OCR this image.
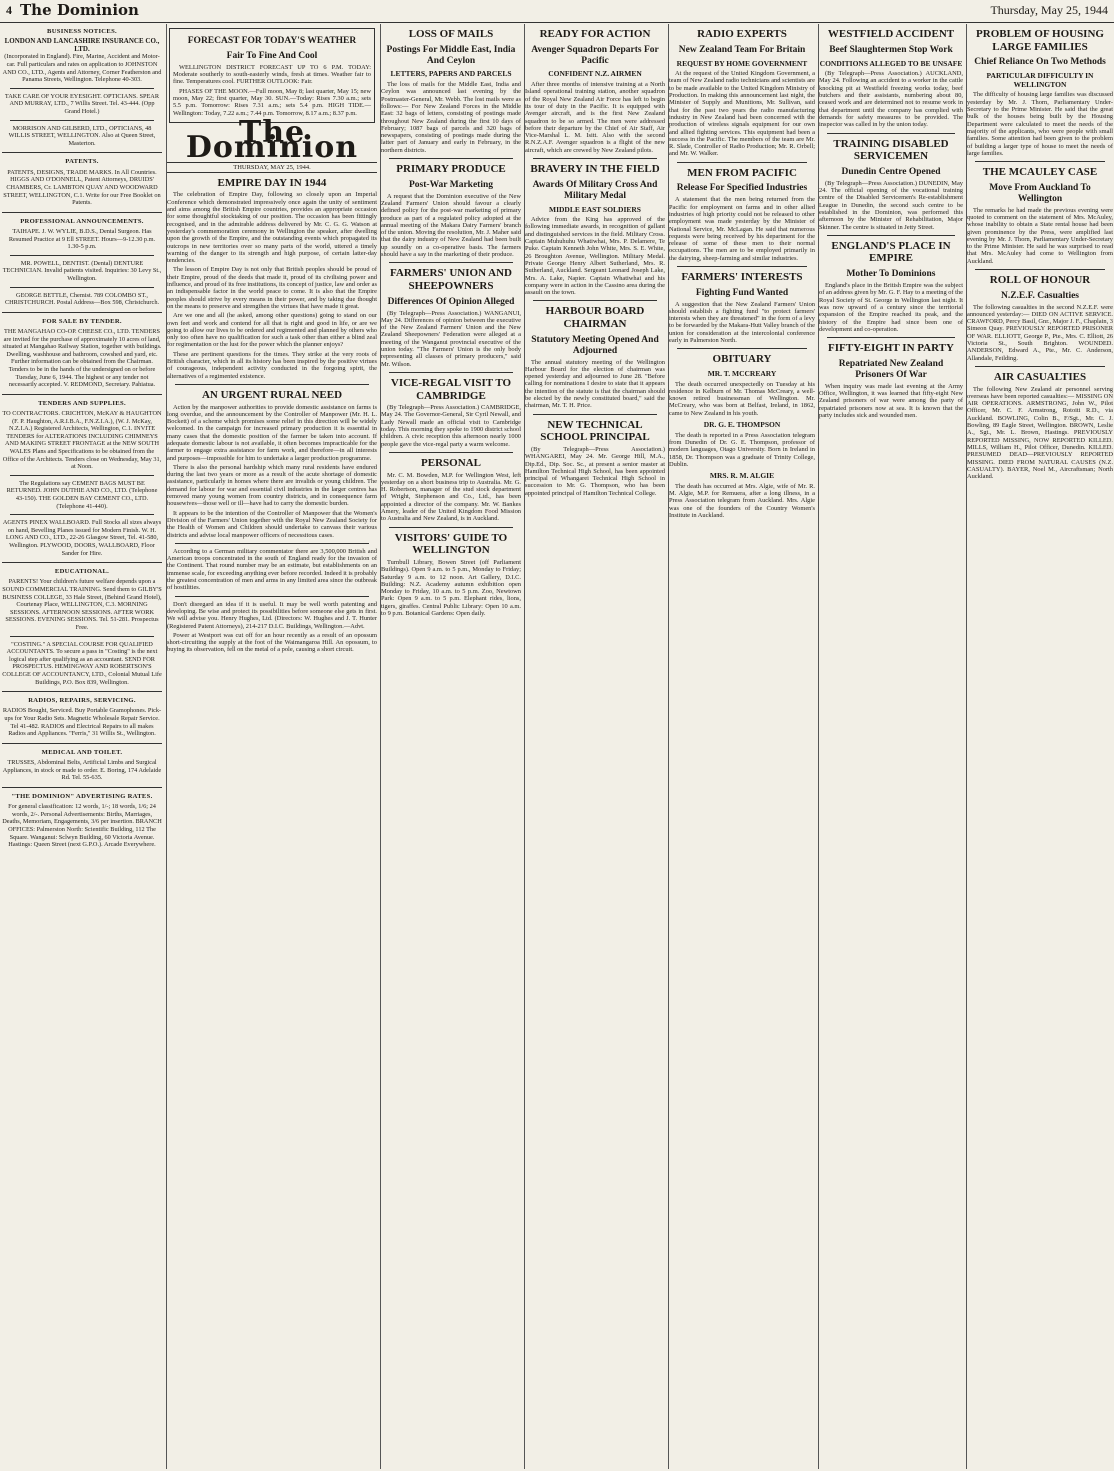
4 The Dominion	Thursday, May 25, 1944
BUSINESS NOTICES.
LONDON AND LANCASHIRE INSURANCE CO., LTD.
(Incorporated in England). Fire, Marine, Accident and Motor-car. Full particulars and rates on application to JOHNSTON AND CO., LTD., Agents and Attorney, Corner Featherston and Panama Streets, Wellington. Telephone 40-303.
TAKE CARE OF YOUR EYESIGHT. OPTICIANS. SPEAR AND MURRAY, LTD., 7 Willis Street. Tel. 43-444. (Opp Grand Hotel.)
MORRISON AND GILBERD, LTD., OPTICIANS, 48 WILLIS STREET, WELLINGTON. Also at Queen Street, Masterton.
PATENTS.
PATENTS, DESIGNS, TRADE MARKS. In All Countries. HIGGS AND O'DONNELL, Patent Attorneys, DRUIDS' CHAMBERS, Cr. LAMBTON QUAY AND WOODWARD STREET, WELLINGTON, C.1. Write for our Free Booklet on Patents.
PROFESSIONAL ANNOUNCEMENTS.
TAIHAPE. J. W. WYLIE, B.D.S., Dental Surgeon. Has Resumed Practice at 9 Ell STREET. Hours—9-12.30 p.m. 1.30-5 p.m.
MR. POWELL, DENTIST. (Dental) DENTURE TECHNICIAN. Invalid patients visited. Inquiries: 30 Levy St., Wellington.
GEORGE BETTLE, Chemist. 789 COLOMBO ST., CHRISTCHURCH. Postal Address—Box 598, Christchurch.
FOR SALE BY TENDER.
THE MANGAHAO CO-OP. CHEESE CO., LTD. TENDERS are invited for the purchase of approximately 10 acres of land, situated at Mangahao Railway Station, together with buildings. Dwelling, washhouse and bathroom, cowshed and yard, etc. Further information can be obtained from the Chairman. Tenders to be in the hands of the undersigned on or before Tuesday, June 6, 1944. The highest or any tender not necessarily accepted. V. REDMOND, Secretary. Pahiatua.
TENDERS AND SUPPLIES.
TO CONTRACTORS. CRICHTON, McKAY & HAUGHTON (F. P. Haughton, A.R.I.B.A., F.N.Z.I.A.), (W. J. McKay, N.Z.I.A.) Registered Architects, Wellington, C.1. INVITE TENDERS for ALTERATIONS INCLUDING CHIMNEYS AND MAKING STREET FRONTAGE at the NEW SOUTH WALES Plans and Specifications to be obtained from the Office of the Architects. Tenders close on Wednesday, May 31, at Noon.
The Regulations say CEMENT BAGS MUST BE RETURNED. JOHN DUTHIE AND CO., LTD. (Telephone 43-150). THE GOLDEN BAY CEMENT CO., LTD. (Telephone 41-440).
AGENTS PINEX WALLBOARD. Full Stocks all sizes always on hand, Bevelling Planes issued for Modern Finish. W. H. LONG AND CO., LTD., 22-26 Glasgow Street, Tel. 41-580, Wellington. PLYWOOD, DOORS, WALLBOARD, Floor Sander for Hire.
EDUCATIONAL.
PARENTS! Your children's future welfare depends upon a SOUND COMMERCIAL TRAINING. Send them to GILBY'S BUSINESS COLLEGE, 33 Hale Street, (Behind Grand Hotel), Courtenay Place, WELLINGTON, C.3. MORNING SESSIONS. AFTERNOON SESSIONS. AFTER WORK SESSIONS. EVENING SESSIONS. Tel. 51-281. Prospectus Free.
"COSTING." A SPECIAL COURSE FOR QUALIFIED ACCOUNTANTS. To secure a pass in "Costing" is the next logical step after qualifying as an accountant. SEND FOR PROSPECTUS. HEMINGWAY AND ROBERTSON'S COLLEGE OF ACCOUNTANCY, LTD., Colonial Mutual Life Buildings, P.O. Box 839, Wellington.
RADIOS, REPAIRS, SERVICING.
RADIOS Bought, Serviced. Buy Portable Gramophones. Pick-ups for Your Radio Sets. Magnetic Wholesale Repair Service. Tel 41-482. RADIOS and Electrical Repairs to all makes Radios and Appliances. "Ferris," 31 Willis St., Wellington.
MEDICAL AND TOILET.
TRUSSES, Abdominal Belts, Artificial Limbs and Surgical Appliances, in stock or made to order. E. Boring, 174 Adelaide Rd. Tel. 55-635.
"THE DOMINION" ADVERTISING RATES.
For general classification: 12 words, 1/-; 18 words, 1/6; 24 words, 2/-. Personal Advertisements: Births, Marriages, Deaths, Memoriam, Engagements, 3/6 per insertion. BRANCH OFFICES: Palmerston North: Scientific Building, 112 The Square. Wanganui: Sclwyn Building, 60 Victoria Avenue. Hastings: Queen Street (next G.P.O.). Arcade Everywhere.
FORECAST FOR TODAY'S WEATHER
Fair To Fine And Cool
WELLINGTON DISTRICT FORECAST UP TO 6 P.M. TODAY: Moderate southerly to south-easterly winds, fresh at times. Weather fair to fine. Temperatures cool. FURTHER OUTLOOK: Fair.
PHASES OF THE MOON.—Full moon, May 8; last quarter, May 15; new moon, May 22; first quarter, May 30. SUN.—Today: Rises 7.30 a.m.; sets 5.5 p.m. Tomorrow: Rises 7.31 a.m.; sets 5.4 p.m. HIGH TIDE.—Wellington: Today, 7.22 a.m.; 7.44 p.m. Tomorrow, 8.17 a.m.; 8.37 p.m.
The Dominion
THURSDAY, MAY 25, 1944.
EMPIRE DAY IN 1944
The celebration of Empire Day, following so closely upon an Imperial Conference which demonstrated impressively once again the unity of sentiment and aims among the British Empire countries, provides an appropriate occasion for some thoughtful stocktaking of our position. The occasion has been fittingly recognised, and in the admirable address delivered by Mr. C. G. G. Watson at yesterday's commemoration ceremony in Wellington the speaker, after dwelling upon the growth of the Empire, and the outstanding events which propagated its outcrops in new territories over so many parts of the world, uttered a timely warning of the danger to its strength and high purpose, of certain latter-day tendencies.
The lesson of Empire Day is not only that British peoples should be proud of their Empire, proud of the deeds that made it, proud of its civilising power and influence, and proud of its free institutions, its concept of justice, law and order as an indispensable factor in the world peace to come. It is also that the Empire peoples should strive by every means in their power, and by taking due thought on the means to preserve and strengthen the virtues that have made it great.
Are we one and all (he asked, among other questions) going to stand on our own feet and work and contend for all that is right and good in life, or are we going to allow our lives to be ordered and regimented and planned by others who only too often have no qualification for such a task other than either a blind zeal for regimentation or the lust for the power which the planner enjoys?
These are pertinent questions for the times. They strike at the very roots of British character, which in all its history has been inspired by the positive virtues of courageous, independent activity conducted in the forgoing spirit, the alternatives of a regimented existence.
AN URGENT RURAL NEED
Action by the manpower authorities to provide domestic assistance on farms is long overdue, and the announcement by the Controller of Manpower (Mr. H. L. Bockett) of a scheme which promises some relief in this direction will be widely welcomed. In the campaign for increased primary production it is essential in many cases that the domestic position of the farmer be taken into account. If adequate domestic labour is not available, it often becomes impracticable for the farmer to engage extra assistance for farm work, and therefore—in all interests and purposes—impossible for him to undertake a larger production programme.
There is also the personal hardship which many rural residents have endured during the last two years or more as a result of the acute shortage of domestic assistance, particularly in homes where there are invalids or young children. The demand for labour for war and essential civil industries in the larger centres has removed many young women from country districts, and in consequence farm housewives—those well or ill—have had to carry the domestic burden.
It appears to be the intention of the Controller of Manpower that the Women's Division of the Farmers' Union together with the Royal New Zealand Society for the Health of Women and Children should undertake to canvass their various districts and advise local manpower officers of necessitous cases.
According to a German military commentator there are 3,500,000 British and American troops concentrated in the south of England ready for the invasion of the Continent. That round number may be an estimate, but establishments on an immense scale, for exceeding anything ever before recorded. Indeed it is probably the greatest concentration of men and arms in any limited area since the outbreak of hostilities.
Don't disregard an idea if it is useful. It may be well worth patenting and developing. Be wise and protect its possibilities before someone else gets in first. We will advise you. Henry Hughes, Ltd. (Directors: W. Hughes and J. T. Hunter (Registered Patent Attorneys), 214-217 D.I.C. Buildings, Wellington.—Advt.
Power at Westport was cut off for an hour recently as a result of an opossum short-circuiting the supply at the foot of the Waimangaroa Hill. An opossum, to buying its observation, fell on the metal of a pole, causing a short circuit.
LOSS OF MAILS
Postings For Middle East, India And Ceylon
LETTERS, PAPERS AND PARCELS
The loss of mails for the Middle East, India and Ceylon was announced last evening by the Postmaster-General, Mr. Webb. The lost mails were as follows:— For New Zealand Forces in the Middle East: 32 bags of letters, consisting of postings made throughout New Zealand during the first 10 days of February; 1087 bags of parcels and 320 bags of newspapers, consisting of postings made during the latter part of January and early in February, in the northern districts.
PRIMARY PRODUCE
Post-War Marketing
A request that the Dominion executive of the New Zealand Farmers' Union should favour a clearly defined policy for the post-war marketing of primary produce as part of a regulated policy adopted at the annual meeting of the Makara Dairy Farmers' branch of the union. Moving the resolution, Mr. J. Maher said that the dairy industry of New Zealand had been built up soundly on a co-operative basis. The farmers should have a say in the marketing of their produce.
FARMERS' UNION AND SHEEPOWNERS
Differences Of Opinion Alleged
(By Telegraph—Press Association.) WANGANUI, May 24. Differences of opinion between the executive of the New Zealand Farmers' Union and the New Zealand Sheepowners' Federation were alleged at a meeting of the Wanganui provincial executive of the union today. "The Farmers' Union is the only body representing all classes of primary producers," said Mr. Wilson.
VICE-REGAL VISIT TO CAMBRIDGE
(By Telegraph—Press Association.) CAMBRIDGE, May 24. The Governor-General, Sir Cyril Newall, and Lady Newall made an official visit to Cambridge today. This morning they spoke to 1900 district school children. A civic reception this afternoon nearly 1000 people gave the vice-regal party a warm welcome.
PERSONAL
Mr. C. M. Bowden, M.P. for Wellington West, left yesterday on a short business trip to Australia. Mr. G. H. Robertson, manager of the stud stock department of Wright, Stephenson and Co., Ltd., has been appointed a director of the company. Mr. W. Bankes Amery, leader of the United Kingdom Food Mission to Australia and New Zealand, is in Auckland.
VISITORS' GUIDE TO WELLINGTON
Turnbull Library, Bowen Street (off Parliament Buildings). Open 9 a.m. to 5 p.m., Monday to Friday; Saturday 9 a.m. to 12 noon. Art Gallery, D.I.C. Building: N.Z. Academy autumn exhibition open Monday to Friday, 10 a.m. to 5 p.m. Zoo, Newtown Park: Open 9 a.m. to 5 p.m. Elephant rides, lions, tigers, giraffes. Central Public Library: Open 10 a.m. to 9 p.m. Botanical Gardens: Open daily.
READY FOR ACTION
Avenger Squadron Departs For Pacific
CONFIDENT N.Z. AIRMEN
After three months of intensive training at a North Island operational training station, another squadron of the Royal New Zealand Air Force has left to begin its tour of duty in the Pacific. It is equipped with Avenger aircraft, and is the first New Zealand squadron to be so armed. The men were addressed before their departure by the Chief of Air Staff, Air Vice-Marshal L. M. Isitt. Also with the second R.N.Z.A.F. Avenger squadron is a flight of the new aircraft, which are crewed by New Zealand pilots.
BRAVERY IN THE FIELD
Awards Of Military Cross And Military Medal
MIDDLE EAST SOLDIERS
Advice from the King has approved of the following immediate awards, in recognition of gallant and distinguished services in the field. Military Cross. Captain Muhuhuhu Whatiwhai, Mrs. P. Delamere, Te Puke. Captain Kenneth John White, Mrs. S. E. White, 26 Broughton Avenue, Wellington. Military Medal. Private George Henry Albert Sutherland, Mrs. R. Sutherland, Auckland. Sergeant Leonard Joseph Lake, Mrs. A. Lake, Napier. Captain Whatiwhai and his company were in action in the Cassino area during the assault on the town.
HARBOUR BOARD CHAIRMAN
Statutory Meeting Opened And Adjourned
The annual statutory meeting of the Wellington Harbour Board for the election of chairman was opened yesterday and adjourned to June 28. "Before calling for nominations I desire to state that it appears the intention of the statute is that the chairman should be elected by the newly constituted board," said the chairman, Mr. T. H. Price.
NEW TECHNICAL SCHOOL PRINCIPAL
(By Telegraph—Press Association.) WHANGAREI, May 24. Mr. George Hill, M.A., Dip.Ed., Dip. Soc. Sc., at present a senior master at Hamilton Technical High School, has been appointed principal of Whangarei Technical High School in succession to Mr. G. Thompson, who has been appointed principal of Hamilton Technical College.
RADIO EXPERTS
New Zealand Team For Britain
REQUEST BY HOME GOVERNMENT
At the request of the United Kingdom Government, a team of New Zealand radio technicians and scientists are to be made available to the United Kingdom Ministry of Production. In making this announcement last night, the Minister of Supply and Munitions, Mr. Sullivan, said that for the past two years the radio manufacturing industry in New Zealand had been concerned with the production of wireless signals equipment for our own and allied fighting services. This equipment had been a success in the Pacific. The members of the team are Mr. R. Slade, Controller of Radio Production; Mr. R. Orbell; and Mr. W. Walker.
MEN FROM PACIFIC
Release For Specified Industries
A statement that the men being returned from the Pacific for employment on farms and in other allied industries of high priority could not be released to other employment was made yesterday by the Minister of National Service, Mr. McLagan. He said that numerous requests were being received by his department for the release of some of these men to their normal occupations. The men are to be employed primarily in the dairying, sheep-farming and similar industries.
FARMERS' INTERESTS
Fighting Fund Wanted
A suggestion that the New Zealand Farmers' Union should establish a fighting fund "to protect farmers' interests when they are threatened" in the form of a levy to be forwarded by the Makara-Hutt Valley branch of the union for consideration at the intercolonial conference early in Palmerston North.
OBITUARY
MR. T. MCCREARY
The death occurred unexpectedly on Tuesday at his residence in Kelburn of Mr. Thomas McCreary, a well-known retired businessman of Wellington. Mr. McCreary, who was born at Belfast, Ireland, in 1862, came to New Zealand in his youth.
DR. G. E. THOMPSON
The death is reported in a Press Association telegram from Dunedin of Dr. G. E. Thompson, professor of modern languages, Otago University. Born in Ireland in 1858, Dr. Thompson was a graduate of Trinity College, Dublin.
MRS. R. M. ALGIE
The death has occurred at Mrs. Algie, wife of Mr. R. M. Algie, M.P. for Remuera, after a long illness, in a Press Association telegram from Auckland. Mrs. Algie was one of the founders of the Country Women's Institute in Auckland.
WESTFIELD ACCIDENT
Beef Slaughtermen Stop Work
CONDITIONS ALLEGED TO BE UNSAFE
(By Telegraph—Press Association.) AUCKLAND, May 24. Following an accident to a worker in the cattle knocking pit at Westfield freezing works today, beef butchers and their assistants, numbering about 80, ceased work and are determined not to resume work in that department until the company has complied with demands for safety measures to be provided. The inspector was called in by the union today.
TRAINING DISABLED SERVICEMEN
Dunedin Centre Opened
(By Telegraph—Press Association.) DUNEDIN, May 24. The official opening of the vocational training centre of the Disabled Servicemen's Re-establishment League in Dunedin, the second such centre to be established in the Dominion, was performed this afternoon by the Minister of Rehabilitation, Major Skinner. The centre is situated in Jetty Street.
ENGLAND'S PLACE IN EMPIRE
Mother To Dominions
England's place in the British Empire was the subject of an address given by Mr. G. F. Hay to a meeting of the Royal Society of St. George in Wellington last night. It was now upward of a century since the territorial expansion of the Empire reached its peak, and the history of the Empire had since been one of development and co-operation.
FIFTY-EIGHT IN PARTY
Repatriated New Zealand Prisoners Of War
When inquiry was made last evening at the Army Office, Wellington, it was learned that fifty-eight New Zealand prisoners of war were among the party of repatriated prisoners now at sea. It is known that the party includes sick and wounded men.
PROBLEM OF HOUSING LARGE FAMILIES
Chief Reliance On Two Methods
PARTICULAR DIFFICULTY IN WELLINGTON
The difficulty of housing large families was discussed yesterday by Mr. J. Thorn, Parliamentary Under-Secretary to the Prime Minister. He said that the great bulk of the houses being built by the Housing Department were calculated to meet the needs of the majority of the applicants, who were people with small families. Some attention had been given to the problem of building a larger type of house to meet the needs of large families.
THE MCAULEY CASE
Move From Auckland To Wellington
The remarks he had made the previous evening were quoted to comment on the statement of Mrs. McAuley, whose inability to obtain a State rental house had been given prominence by the Press, were amplified last evening by Mr. J. Thorn, Parliamentary Under-Secretary to the Prime Minister. He said he was surprised to read that Mrs. McAuley had come to Wellington from Auckland.
ROLL OF HONOUR
N.Z.E.F. Casualties
The following casualties in the second N.Z.E.F. were announced yesterday:— DIED ON ACTIVE SERVICE. CRAWFORD, Percy Basil, Gnr., Major J. F., Chaplain, 3 Simeon Quay. PREVIOUSLY REPORTED PRISONER OF WAR. ELLIOTT, George P., Pte., Mrs. C. Elliott, 26 Victoria St., South Brighton. WOUNDED. ANDERSON, Edward A., Pte., Mr. C. Anderson, Allandale, Feilding.
AIR CASUALTIES
The following New Zealand air personnel serving overseas have been reported casualties:— MISSING ON AIR OPERATIONS. ARMSTRONG, John W., Pilot Officer, Mr. C. F. Armstrong, Rotoiti R.D., via Auckland. BOWLING, Colin B., F/Sgt., Mr. C. J. Bowling, 89 Eagle Street, Wellington. BROWN, Leslie A., Sgt., Mr. L. Brown, Hastings. PREVIOUSLY REPORTED MISSING, NOW REPORTED KILLED. MILLS, William H., Pilot Officer, Dunedin. KILLED. PRESUMED DEAD—PREVIOUSLY REPORTED MISSING. DIED FROM NATURAL CAUSES (N.Z. CASUALTY). BAYER, Noel M., Aircraftsman; North Auckland.
